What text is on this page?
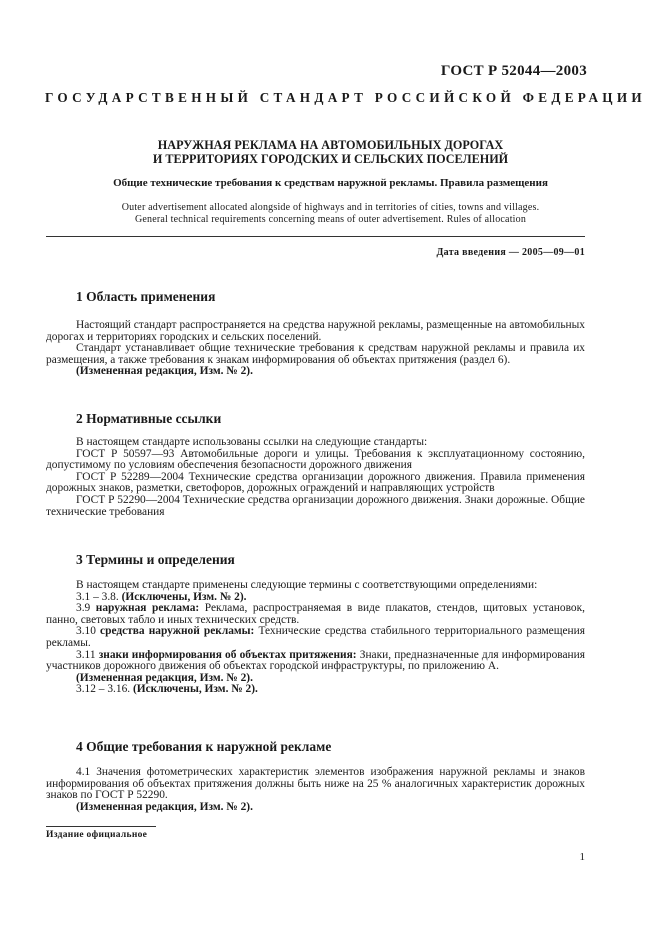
ГОСТ Р 52044—2003
ГОСУДАРСТВЕННЫЙ СТАНДАРТ РОССИЙСКОЙ ФЕДЕРАЦИИ
НАРУЖНАЯ РЕКЛАМА НА АВТОМОБИЛЬНЫХ ДОРОГАХ
И ТЕРРИТОРИЯХ ГОРОДСКИХ И СЕЛЬСКИХ ПОСЕЛЕНИЙ
Общие технические требования к средствам наружной рекламы. Правила размещения
Outer advertisement allocated alongside of highways and in territories of cities, towns and villages.
General technical requirements concerning means of outer advertisement. Rules of allocation
Дата введения — 2005—09—01
1 Область применения

Настоящий стандарт распространяется на средства наружной рекламы, размещенные на автомобильных дорогах и территориях городских и сельских поселений.

Стандарт устанавливает общие технические требования к средствам наружной рекламы и правила их размещения, а также требования к знакам информирования об объектах притяжения (раздел 6).

(Измененная редакция, Изм. № 2).

2 Нормативные ссылки

В настоящем стандарте использованы ссылки на следующие стандарты:

ГОСТ Р 50597—93 Автомобильные дороги и улицы. Требования к эксплуатационному состоянию, допустимому по условиям обеспечения безопасности дорожного движения

ГОСТ Р 52289—2004 Технические средства организации дорожного движения. Правила применения дорожных знаков, разметки, светофоров, дорожных ограждений и направляющих устройств

ГОСТ Р 52290—2004 Технические средства организации дорожного движения. Знаки дорожные. Общие технические требования

3 Термины и определения

В настоящем стандарте применены следующие термины с соответствующими определениями:

3.1 – 3.8. (Исключены, Изм. № 2).

3.9 наружная реклама: Реклама, распространяемая в виде плакатов, стендов, щитовых установок, панно, световых табло и иных технических средств.

3.10 средства наружной рекламы: Технические средства стабильного территориального размещения рекламы.

3.11 знаки информирования об объектах притяжения: Знаки, предназначенные для информирования участников дорожного движения об объектах городской инфраструктуры, по приложению А.

(Измененная редакция, Изм. № 2).

3.12 – 3.16. (Исключены, Изм. № 2).

4 Общие требования к наружной рекламе

4.1 Значения фотометрических характеристик элементов изображения наружной рекламы и знаков информирования об объектах притяжения должны быть ниже на 25 % аналогичных характеристик дорожных знаков по ГОСТ Р 52290.

(Измененная редакция, Изм. № 2).

Издание официальное
1
